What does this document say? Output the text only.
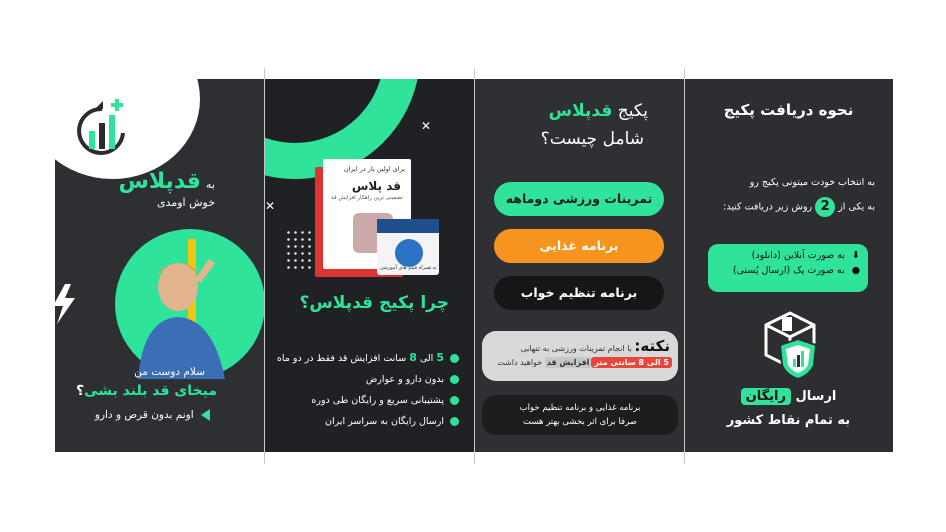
به قدپلاس
خوش اومدی
سلام دوست من
میخای قد بلند بشی؟
اونم بدون قرص و دارو
✕
✕
برای اولین بار در ایران
قد پلاس
تضمینی ترین راهکار افزایش قد
به همراه فیلم های آموزشی
چرا پکیج قدپلاس؟
5 الی 8 سانت افزایش قد فقط در دو ماه
بدون دارو و عوارض
پشتیبانی سریع و رایگان طی دوره
ارسال رایگان به سراسر ایران
پکیج قدپلاس
شامل چیست؟
تمرینات ورزشی دوماهه
برنامه غذایی
برنامه تنظیم خواب
نکته: با انجام تمرینات ورزشی به تنهایی
5 الی 8 سانتی مترافزایش قد خواهید داشت
برنامه غذایی و برنامه تنظیم خواب
صرفا برای اثر بخشی بهتر هست
نحوه دریافت پکیج
به انتخاب خودت میتونی پکیج رو
به یکی از 2 روش زیر دریافت کنید:
⬇ به صورت آنلاین (دانلود)
● به صورت پک (ارسال پُستی)
ارسال رایگان
به تمام نقاط کشور
